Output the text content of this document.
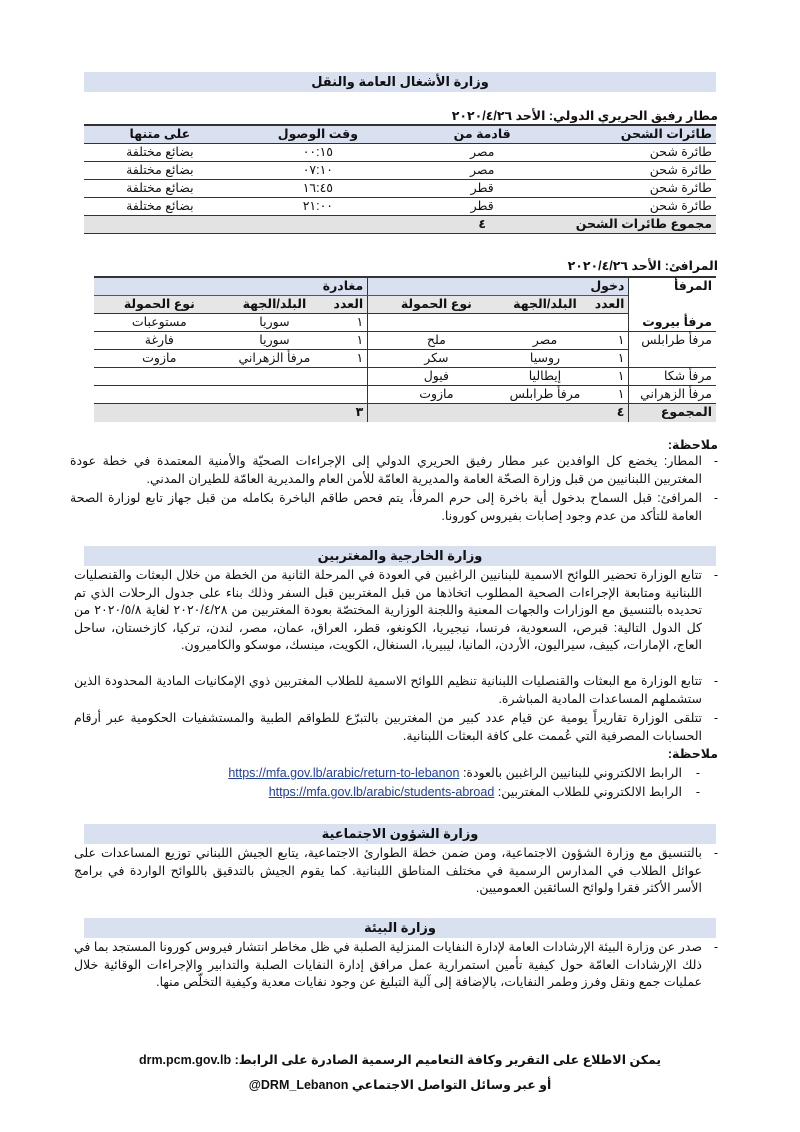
وزارة الأشغال العامة والنقل
مطار رفيق الحريري الدولي: الأحد ٢٠٢٠/٤/٢٦
طائرات الشحن	قادمة من	وقت الوصول	على متنها
طائرة شحن	مصر	٠٠:١٥	بضائع مختلفة
طائرة شحن	مصر	٠٧:١٠	بضائع مختلفة
طائرة شحن	قطر	١٦:٤٥	بضائع مختلفة
طائرة شحن	قطر	٢١:٠٠	بضائع مختلفة
مجموع طائرات الشحن	٤		
المرافئ: الأحد ٢٠٢٠/٤/٢٦
المرفأ	دخول			مغادرة		
	العدد	البلد/الجهة	نوع الحمولة	العدد	البلد/الجهة	نوع الحمولة
مرفأ بيروت				١	سوريا	مستوعبات
مرفأ طرابلس	١	مصر	ملح	١	سوريا	فارغة
	١	روسيا	سكر	١	مرفأ الزهراني	مازوت
مرفأ شكا	١	إيطاليا	فيول			
مرفأ الزهراني	١	مرفأ طرابلس	مازوت			
المجموع	٤			٣		
ملاحظة:
-
المطار: يخضع كل الوافدين عبر مطار رفيق الحريري الدولي إلى الإجراءات الصحيّة والأمنية المعتمدة في خطة عودة المغتربين اللبنانيين من قبل وزارة الصحّة العامة والمديرية العامّة للأمن العام والمديرية العامّة للطيران المدني.
-
المرافئ: قبل السماح بدخول أية باخرة إلى حرم المرفأ، يتم فحص طاقم الباخرة بكامله من قبل جهاز تابع لوزارة الصحة العامة للتأكد من عدم وجود إصابات بفيروس كورونا.
وزارة الخارجية والمغتربين
-
تتابع الوزارة تحضير اللوائح الاسمية للبنانيين الراغبين في العودة في المرحلة الثانية من الخطة من خلال البعثات والقنصليات اللبنانية ومتابعة الإجراءات الصحية المطلوب اتخاذها من قبل المغتربين قبل السفر وذلك بناء على جدول الرحلات الذي تم تحديده بالتنسيق مع الوزارات والجهات المعنية واللجنة الوزارية المختصّة بعودة المغتربين من ٢٠٢٠/٤/٢٨ لغاية ٢٠٢٠/٥/٨ من كل الدول التالية: قبرص، السعودية، فرنسا، نيجيريا، الكونغو، قطر، العراق، عمان، مصر، لندن، تركيا، كازخستان، ساحل العاج، الإمارات، كييف، سيراليون، الأردن، المانيا، ليبيريا، السنغال، الكويت، مينسك، موسكو والكاميرون.
-
تتابع الوزارة مع البعثات والقنصليات اللبنانية تنظيم اللوائح الاسمية للطلاب المغتربين ذوي الإمكانيات المادية المحدودة الذين ستشملهم المساعدات المادية المباشرة.
-
تتلقى الوزارة تقاريراً يومية عن قيام عدد كبير من المغتربين بالتبرّع للطواقم الطبية والمستشفيات الحكومية عبر أرقام الحسابات المصرفية التي عُممت على كافة البعثات اللبنانية.
ملاحظة:
-
الرابط الالكتروني للبنانيين الراغبين بالعودة: https://mfa.gov.lb/arabic/return-to-lebanon
-
الرابط الالكتروني للطلاب المغتربين: https://mfa.gov.lb/arabic/students-abroad
وزارة الشؤون الاجتماعية
-
بالتنسيق مع وزارة الشؤون الاجتماعية، ومن ضمن خطة الطوارئ الاجتماعية، يتابع الجيش اللبناني توزيع المساعدات على عوائل الطلاب في المدارس الرسمية في مختلف المناطق اللبنانية. كما يقوم الجيش بالتدقيق باللوائح الواردة في برامج الأسر الأكثر فقرا ولوائح السائقين العموميين.
وزارة البيئة
-
صدر عن وزارة البيئة الإرشادات العامة لإدارة النفايات المنزلية الصلبة في ظل مخاطر انتشار فيروس كورونا المستجد بما في ذلك الإرشادات العامّة حول كيفية تأمين استمرارية عمل مرافق إدارة النفايات الصلبة والتدابير والإجراءات الوقائية خلال عمليات جمع ونقل وفرز وطمر النفايات، بالإضافة إلى آلية التبليغ عن وجود نفايات معدية وكيفية التخلّص منها.
يمكن الاطلاع على التقرير وكافة التعاميم الرسمية الصادرة على الرابط: drm.pcm.gov.lb
أو عبر وسائل التواصل الاجتماعي @DRM_Lebanon
